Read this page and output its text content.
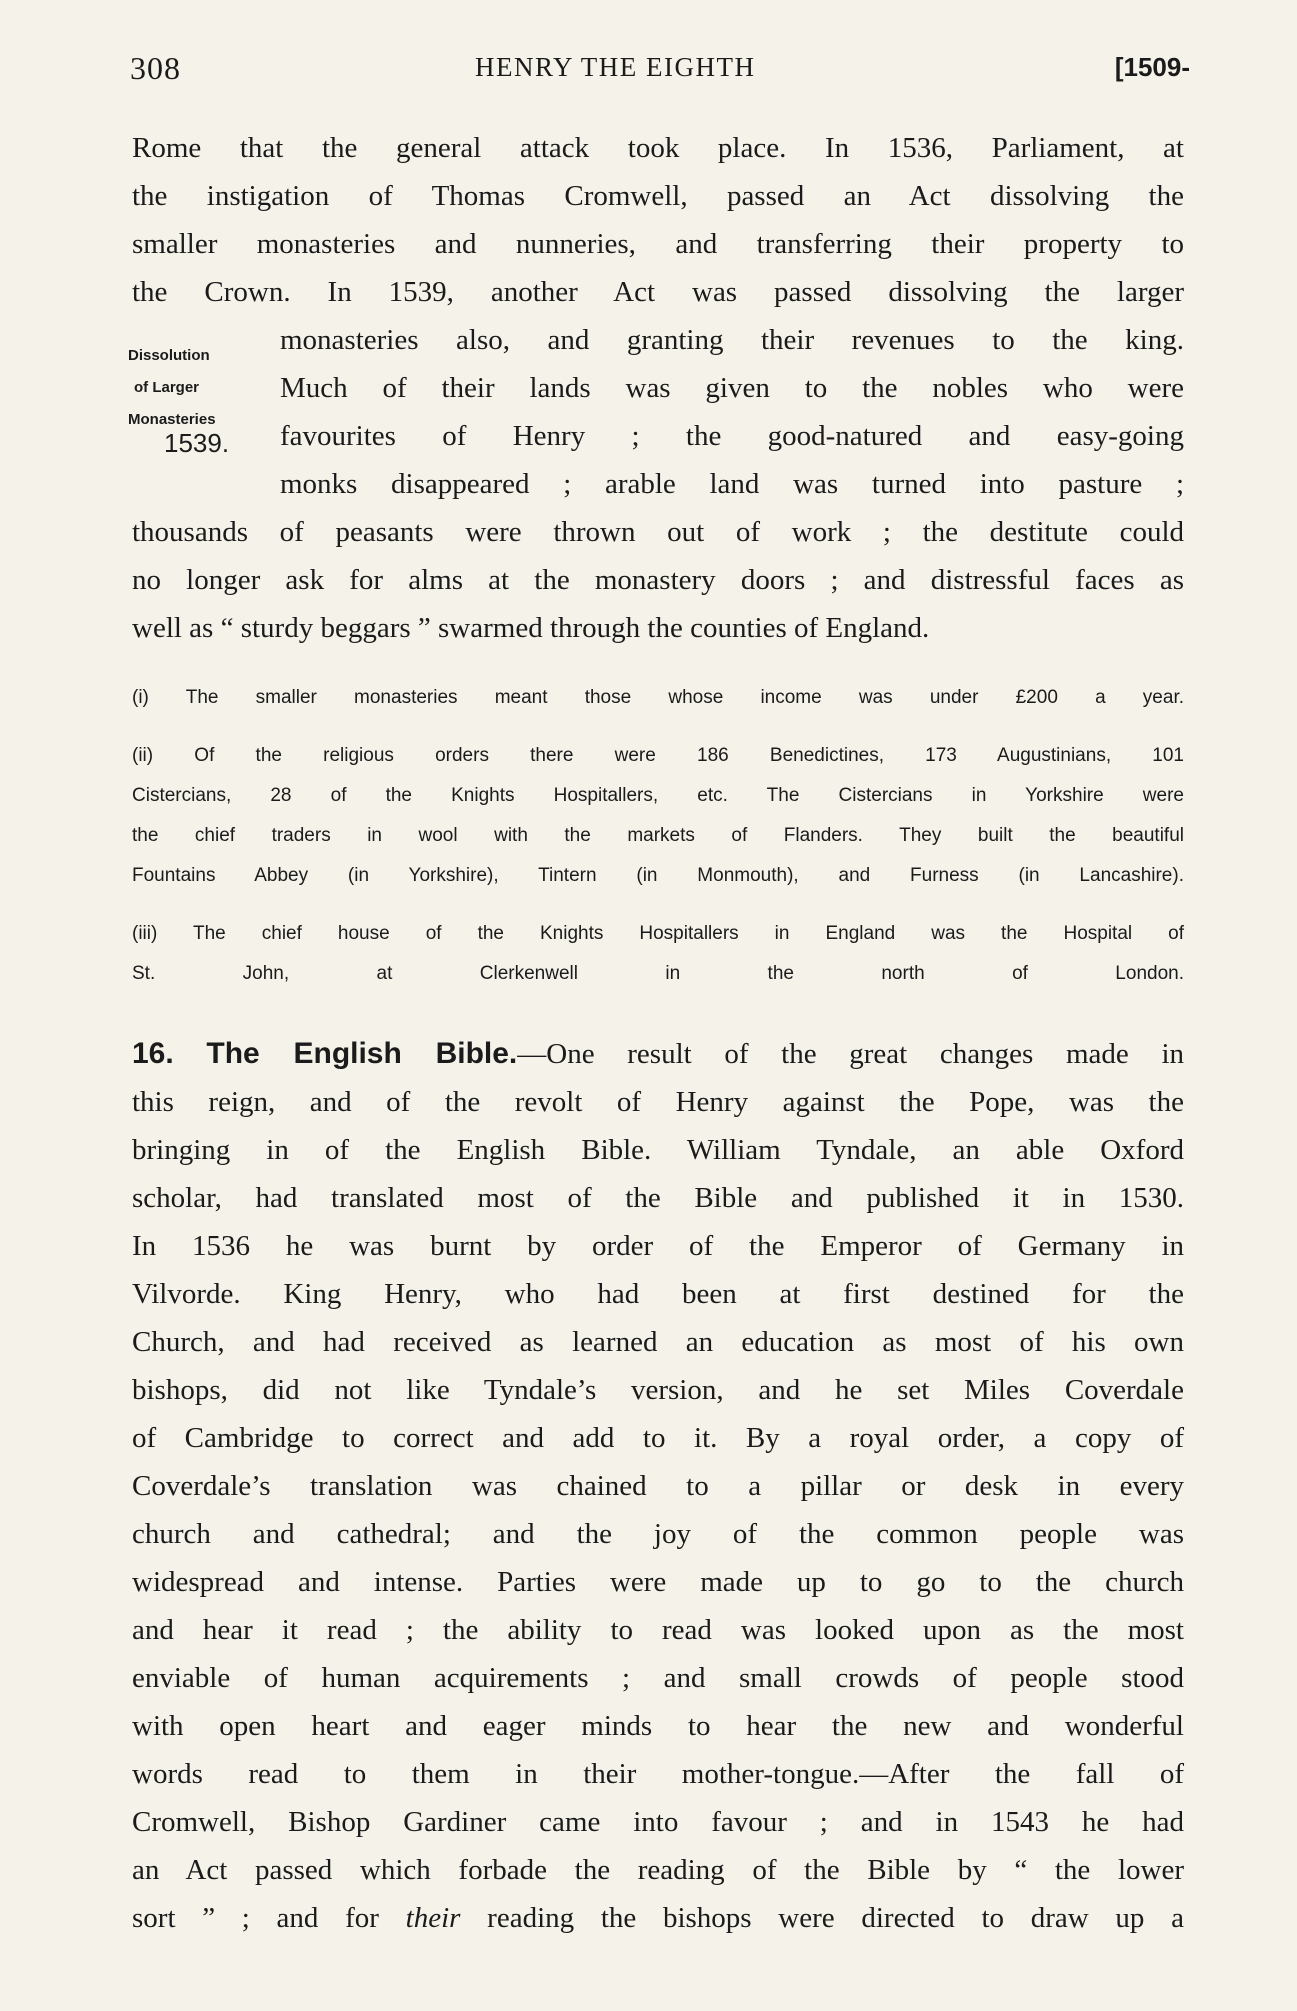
308	HENRY THE EIGHTH	[1509-
Rome that the general attack took place. In 1536, Parliament, at
the instigation of Thomas Cromwell, passed an Act dissolving the
smaller monasteries and nunneries, and transferring their property to
the Crown. In 1539, another Act was passed dissolving the larger
Dissolution
of Larger
Monasteries
1539.
monasteries also, and granting their revenues to the king.
Much of their lands was given to the nobles who were
favourites of Henry ; the good-natured and easy-going
monks disappeared ; arable land was turned into pasture ;
thousands of peasants were thrown out of work ; the destitute could
no longer ask for alms at the monastery doors ; and distressful faces as
well as “ sturdy beggars ” swarmed through the counties of England.
(i) The smaller monasteries meant those whose income was under £200 a year.
(ii) Of the religious orders there were 186 Benedictines, 173 Augustinians, 101
Cistercians, 28 of the Knights Hospitallers, etc. The Cistercians in Yorkshire were
the chief traders in wool with the markets of Flanders. They built the beautiful
Fountains Abbey (in Yorkshire), Tintern (in Monmouth), and Furness (in Lancashire).
(iii) The chief house of the Knights Hospitallers in England was the Hospital of
St. John, at Clerkenwell in the north of London.
16. The English Bible.—One result of the great changes made in
this reign, and of the revolt of Henry against the Pope, was the
bringing in of the English Bible. William Tyndale, an able Oxford
scholar, had translated most of the Bible and published it in 1530.
In 1536 he was burnt by order of the Emperor of Germany in
Vilvorde. King Henry, who had been at first destined for the
Church, and had received as learned an education as most of his own
bishops, did not like Tyndale’s version, and he set Miles Coverdale
of Cambridge to correct and add to it. By a royal order, a copy of
Coverdale’s translation was chained to a pillar or desk in every
church and cathedral; and the joy of the common people was
widespread and intense. Parties were made up to go to the church
and hear it read ; the ability to read was looked upon as the most
enviable of human acquirements ; and small crowds of people stood
with open heart and eager minds to hear the new and wonderful
words read to them in their mother-tongue.—After the fall of
Cromwell, Bishop Gardiner came into favour ; and in 1543 he had
an Act passed which forbade the reading of the Bible by “ the lower
sort ” ; and for their reading the bishops were directed to draw up a
